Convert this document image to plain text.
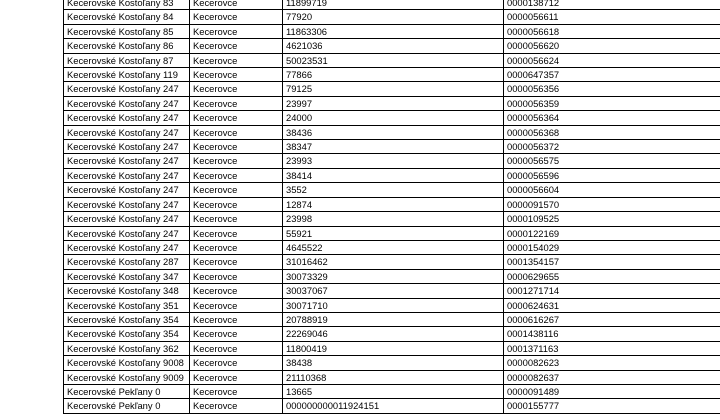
Kecerovské Kostoľany 83	Kecerovce	11899719	0000138712
Kecerovské Kostoľany 84	Kecerovce	77920	0000056611
Kecerovské Kostoľany 85	Kecerovce	11863306	0000056618
Kecerovské Kostoľany 86	Kecerovce	4621036	0000056620
Kecerovské Kostoľany 87	Kecerovce	50023531	0000056624
Kecerovské Kostoľany 119	Kecerovce	77866	0000647357
Kecerovské Kostoľany 247	Kecerovce	79125	0000056356
Kecerovské Kostoľany 247	Kecerovce	23997	0000056359
Kecerovské Kostoľany 247	Kecerovce	24000	0000056364
Kecerovské Kostoľany 247	Kecerovce	38436	0000056368
Kecerovské Kostoľany 247	Kecerovce	38347	0000056372
Kecerovské Kostoľany 247	Kecerovce	23993	0000056575
Kecerovské Kostoľany 247	Kecerovce	38414	0000056596
Kecerovské Kostoľany 247	Kecerovce	3552	0000056604
Kecerovské Kostoľany 247	Kecerovce	12874	0000091570
Kecerovské Kostoľany 247	Kecerovce	23998	0000109525
Kecerovské Kostoľany 247	Kecerovce	55921	0000122169
Kecerovské Kostoľany 247	Kecerovce	4645522	0000154029
Kecerovské Kostoľany 287	Kecerovce	31016462	0001354157
Kecerovské Kostoľany 347	Kecerovce	30073329	0000629655
Kecerovské Kostoľany 348	Kecerovce	30037067	0001271714
Kecerovské Kostoľany 351	Kecerovce	30071710	0000624631
Kecerovské Kostoľany 354	Kecerovce	20788919	0000616267
Kecerovské Kostoľany 354	Kecerovce	22269046	0001438116
Kecerovské Kostoľany 362	Kecerovce	11800419	0001371163
Kecerovské Kostoľany 9008	Kecerovce	38438	0000082623
Kecerovské Kostoľany 9009	Kecerovce	21110368	0000082637
Kecerovské Pekľany 0	Kecerovce	13665	0000091489
Kecerovské Pekľany 0	Kecerovce	000000000011924151	0000155777
